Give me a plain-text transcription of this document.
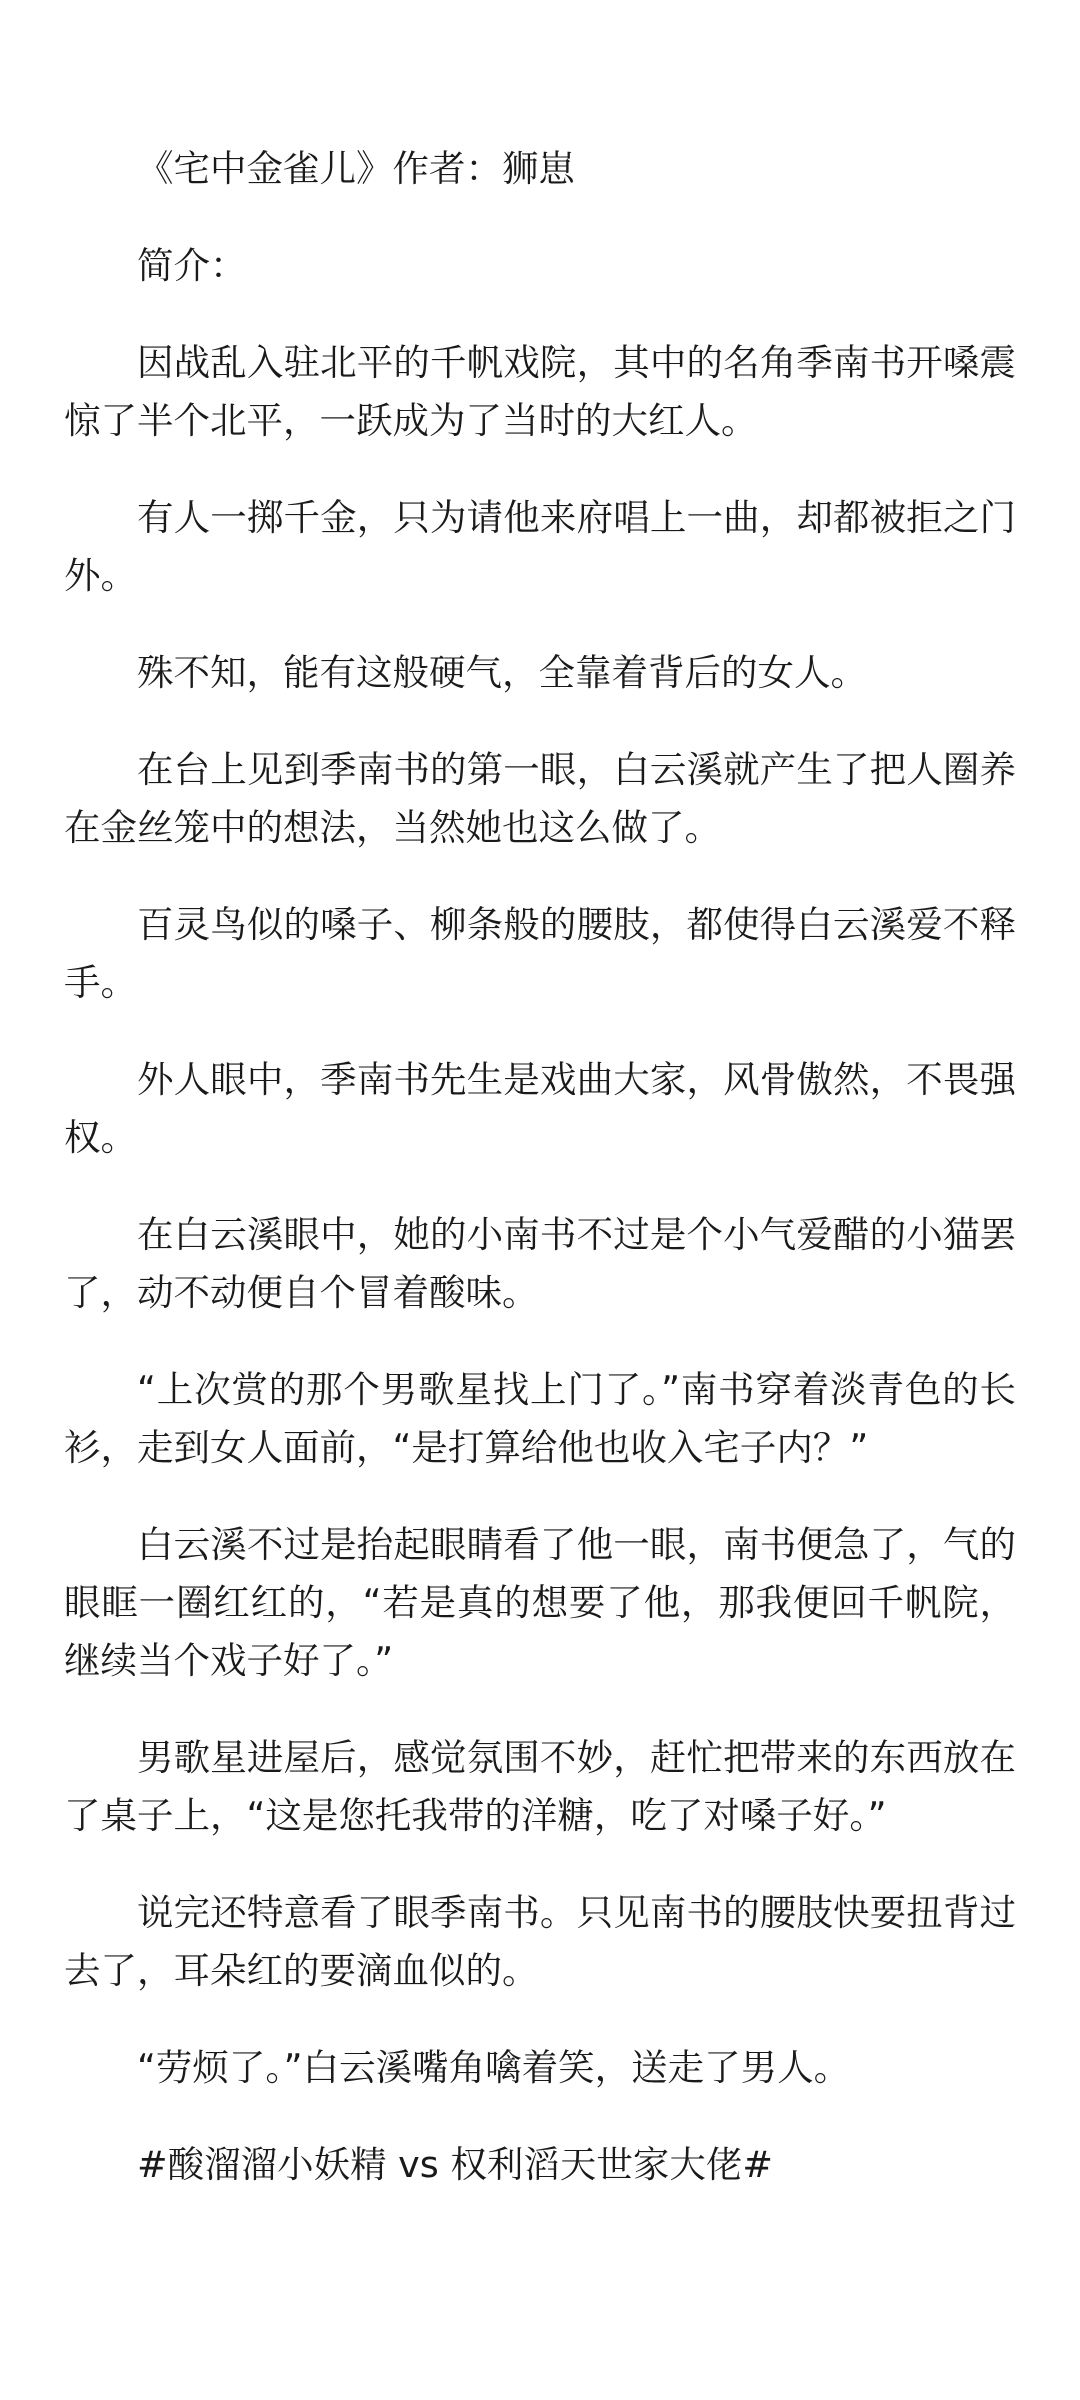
《宅中金雀儿》作者：狮崽

简介：

因战乱入驻北平的千帆戏院，其中的名角季南书开嗓震惊了半个北平，一跃成为了当时的大红人。

有人一掷千金，只为请他来府唱上一曲，却都被拒之门外。

殊不知，能有这般硬气，全靠着背后的女人。

在台上见到季南书的第一眼，白云溪就产生了把人圈养在金丝笼中的想法，当然她也这么做了。

百灵鸟似的嗓子、柳条般的腰肢，都使得白云溪爱不释手。

外人眼中，季南书先生是戏曲大家，风骨傲然，不畏强权。

在白云溪眼中，她的小南书不过是个小气爱醋的小猫罢了，动不动便自个冒着酸味。

“上次赏的那个男歌星找上门了。”南书穿着淡青色的长衫，走到女人面前，“是打算给他也收入宅子内？”

白云溪不过是抬起眼睛看了他一眼，南书便急了，气的眼眶一圈红红的，“若是真的想要了他，那我便回千帆院，继续当个戏子好了。”

男歌星进屋后，感觉氛围不妙，赶忙把带来的东西放在了桌子上，“这是您托我带的洋糖，吃了对嗓子好。”

说完还特意看了眼季南书。只见南书的腰肢快要扭背过去了，耳朵红的要滴血似的。

“劳烦了。”白云溪嘴角噙着笑，送走了男人。

#酸溜溜小妖精 vs 权利滔天世家大佬#
